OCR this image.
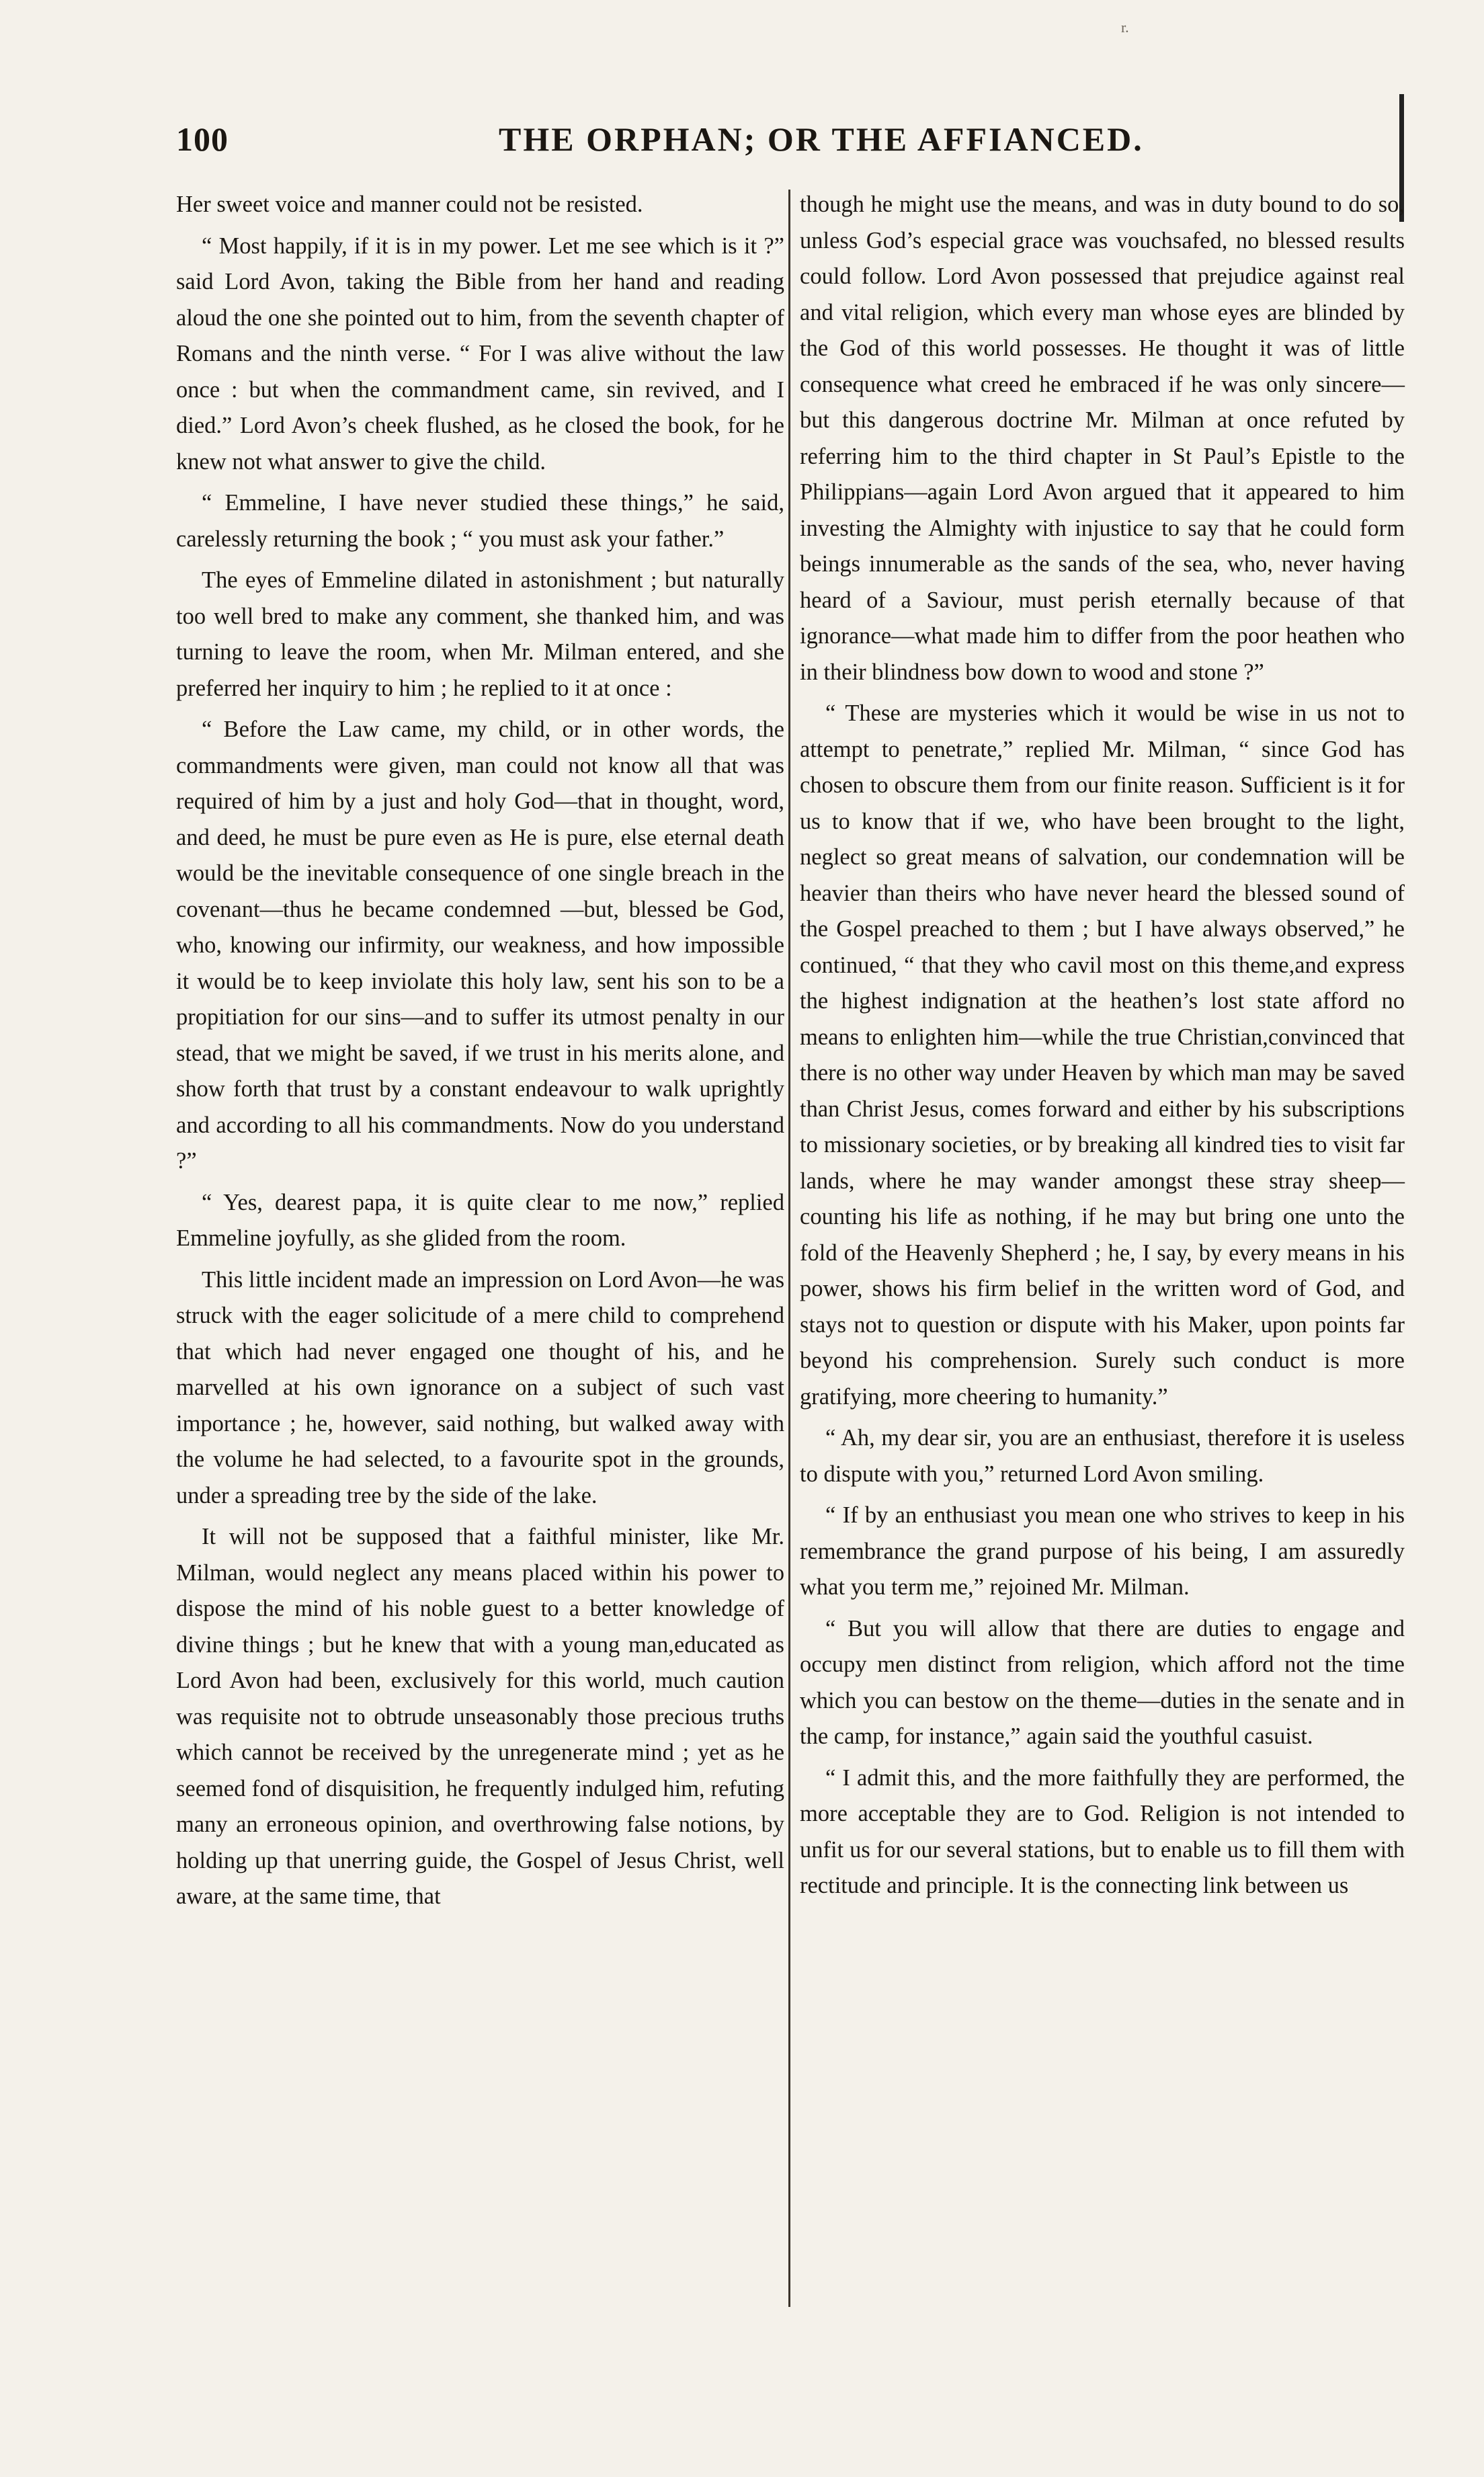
r.
100	THE ORPHAN; OR THE AFFIANCED.

Her sweet voice and manner could not be resisted.

“ Most happily, if it is in my power. Let me see which is it ?” said Lord Avon, taking the Bible from her hand and reading aloud the one she pointed out to him, from the seventh chapter of Romans and the ninth verse. “ For I was alive without the law once : but when the commandment came, sin revived, and I died.” Lord Avon’s cheek flushed, as he closed the book, for he knew not what answer to give the child.

“ Emmeline, I have never studied these things,” he said, carelessly returning the book ; “ you must ask your father.”

The eyes of Emmeline dilated in astonishment ; but naturally too well bred to make any comment, she thanked him, and was turning to leave the room, when Mr. Milman entered, and she preferred her inquiry to him ; he replied to it at once :

“ Before the Law came, my child, or in other words, the commandments were given, man could not know all that was required of him by a just and holy God—that in thought, word, and deed, he must be pure even as He is pure, else eternal death would be the inevitable consequence of one single breach in the covenant—thus he became condemned —but, blessed be God, who, knowing our infirmity, our weakness, and how impossible it would be to keep inviolate this holy law, sent his son to be a propitiation for our sins—and to suffer its utmost penalty in our stead, that we might be saved, if we trust in his merits alone, and show forth that trust by a constant endeavour to walk uprightly and according to all his commandments. Now do you understand ?”

“ Yes, dearest papa, it is quite clear to me now,” replied Emmeline joyfully, as she glided from the room.

This little incident made an impression on Lord Avon—he was struck with the eager solicitude of a mere child to comprehend that which had never engaged one thought of his, and he marvelled at his own ignorance on a subject of such vast importance ; he, however, said nothing, but walked away with the volume he had selected, to a favourite spot in the grounds, under a spreading tree by the side of the lake.

It will not be supposed that a faithful minister, like Mr. Milman, would neglect any means placed within his power to dispose the mind of his noble guest to a better knowledge of divine things ; but he knew that with a young man,educated as Lord Avon had been, exclusively for this world, much caution was requisite not to obtrude unseasonably those precious truths which cannot be received by the unregenerate mind ; yet as he seemed fond of disquisition, he frequently indulged him, refuting many an erroneous opinion, and overthrowing false notions, by holding up that unerring guide, the Gospel of Jesus Christ, well aware, at the same time, that

though he might use the means, and was in duty bound to do so, unless God’s especial grace was vouchsafed, no blessed results could follow. Lord Avon possessed that prejudice against real and vital religion, which every man whose eyes are blinded by the God of this world possesses. He thought it was of little consequence what creed he embraced if he was only sincere—but this dangerous doctrine Mr. Milman at once refuted by referring him to the third chapter in St Paul’s Epistle to the Philippians—again Lord Avon argued that it appeared to him investing the Almighty with injustice to say that he could form beings innumerable as the sands of the sea, who, never having heard of a Saviour, must perish eternally because of that ignorance—what made him to differ from the poor heathen who in their blindness bow down to wood and stone ?”

“ These are mysteries which it would be wise in us not to attempt to penetrate,” replied Mr. Milman, “ since God has chosen to obscure them from our finite reason. Sufficient is it for us to know that if we, who have been brought to the light, neglect so great means of salvation, our condemnation will be heavier than theirs who have never heard the blessed sound of the Gospel preached to them ; but I have always observed,” he continued, “ that they who cavil most on this theme,and express the highest indignation at the heathen’s lost state afford no means to enlighten him—while the true Christian,convinced that there is no other way under Heaven by which man may be saved than Christ Jesus, comes forward and either by his subscriptions to missionary societies, or by breaking all kindred ties to visit far lands, where he may wander amongst these stray sheep—counting his life as nothing, if he may but bring one unto the fold of the Heavenly Shepherd ; he, I say, by every means in his power, shows his firm belief in the written word of God, and stays not to question or dispute with his Maker, upon points far beyond his comprehension. Surely such conduct is more gratifying, more cheering to humanity.”

“ Ah, my dear sir, you are an enthusiast, therefore it is useless to dispute with you,” returned Lord Avon smiling.

“ If by an enthusiast you mean one who strives to keep in his remembrance the grand purpose of his being, I am assuredly what you term me,” rejoined Mr. Milman.

“ But you will allow that there are duties to engage and occupy men distinct from religion, which afford not the time which you can bestow on the theme—duties in the senate and in the camp, for instance,” again said the youthful casuist.

“ I admit this, and the more faithfully they are performed, the more acceptable they are to God. Religion is not intended to unfit us for our several stations, but to enable us to fill them with rectitude and principle. It is the connecting link between us
